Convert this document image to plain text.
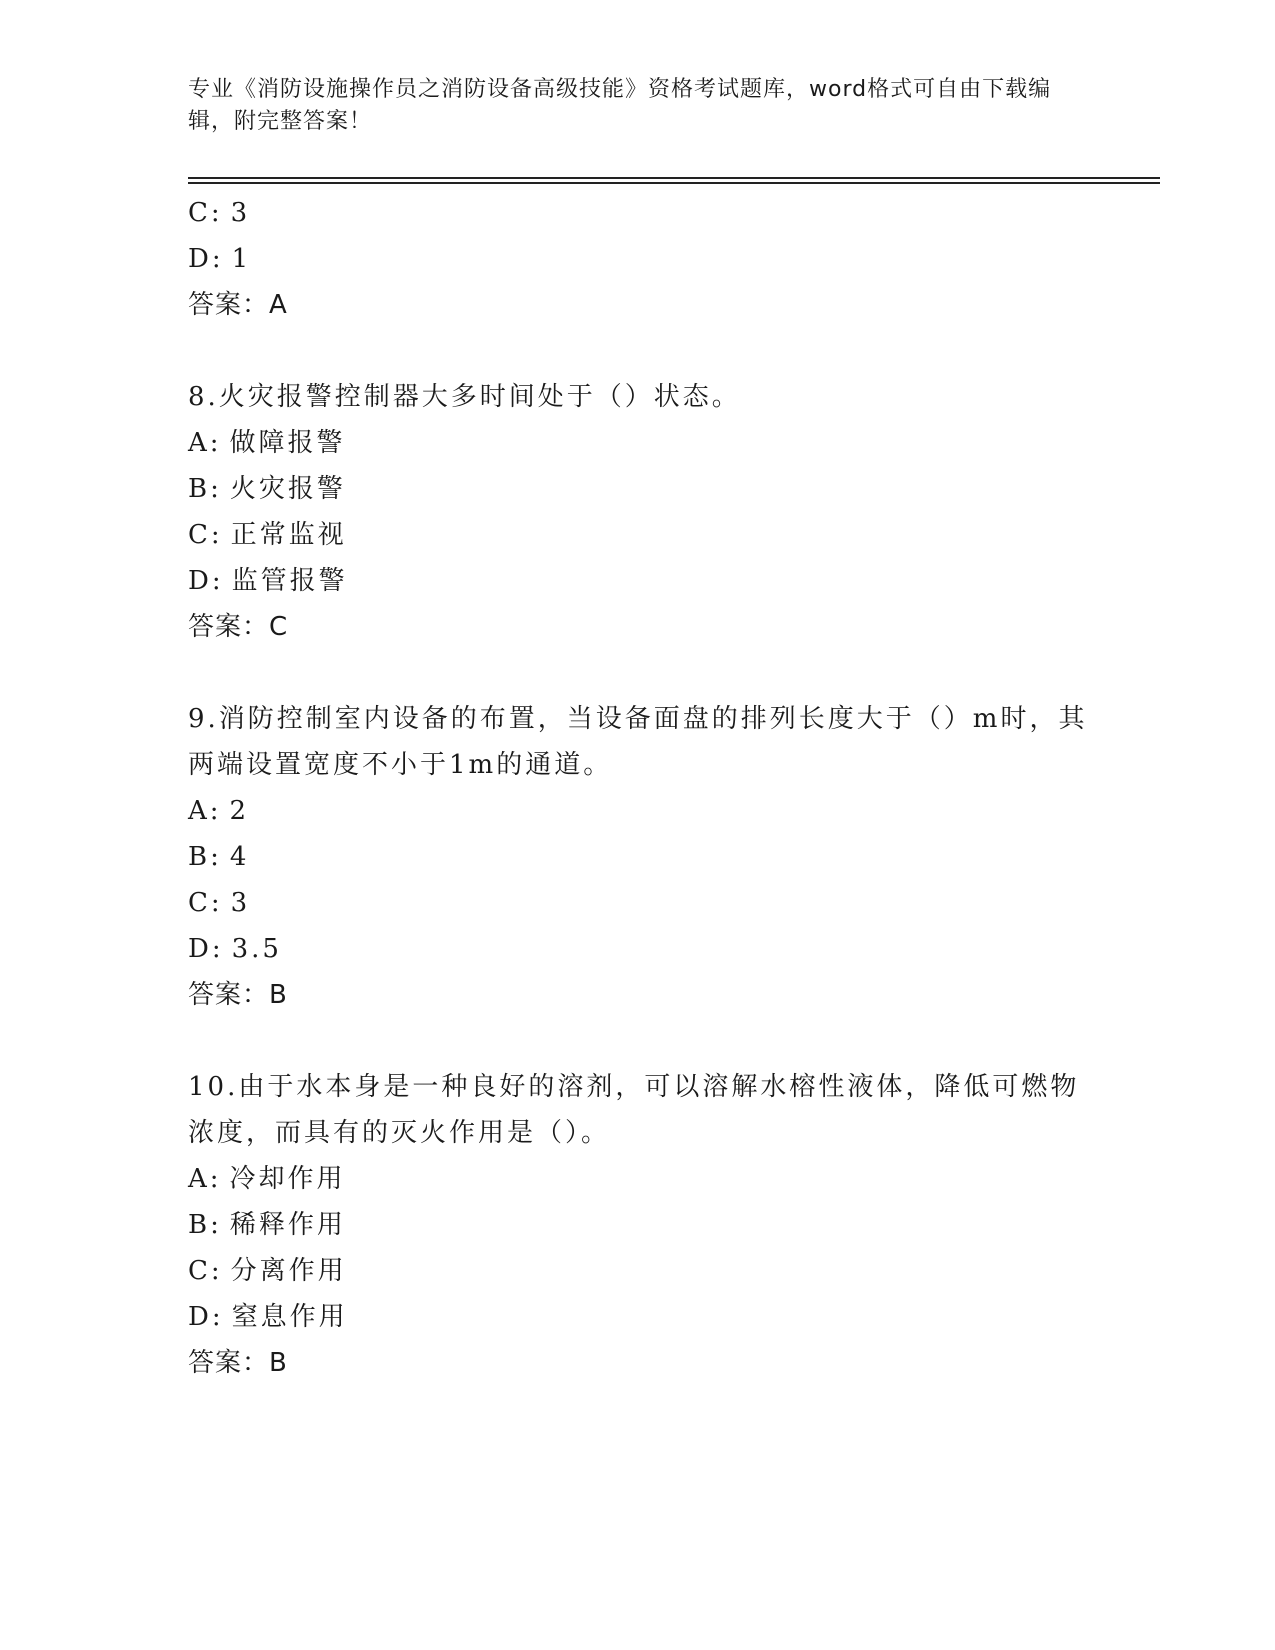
专业《消防设施操作员之消防设备高级技能》资格考试题库，word格式可自由下载编辑，附完整答案！
C: 3
D: 1
答案：A
8.火灾报警控制器大多时间处于（）状态。
A: 做障报警
B: 火灾报警
C: 正常监视
D: 监管报警
答案：C
9.消防控制室内设备的布置，当设备面盘的排列长度大于（）m时，其两端设置宽度不小于1m的通道。
A: 2
B: 4
C: 3
D: 3.5
答案：B
10.由于水本身是一种良好的溶剂，可以溶解水榕性液体，降低可燃物浓度，而具有的灭火作用是（）。
A: 冷却作用
B: 稀释作用
C: 分离作用
D: 窒息作用
答案：B
